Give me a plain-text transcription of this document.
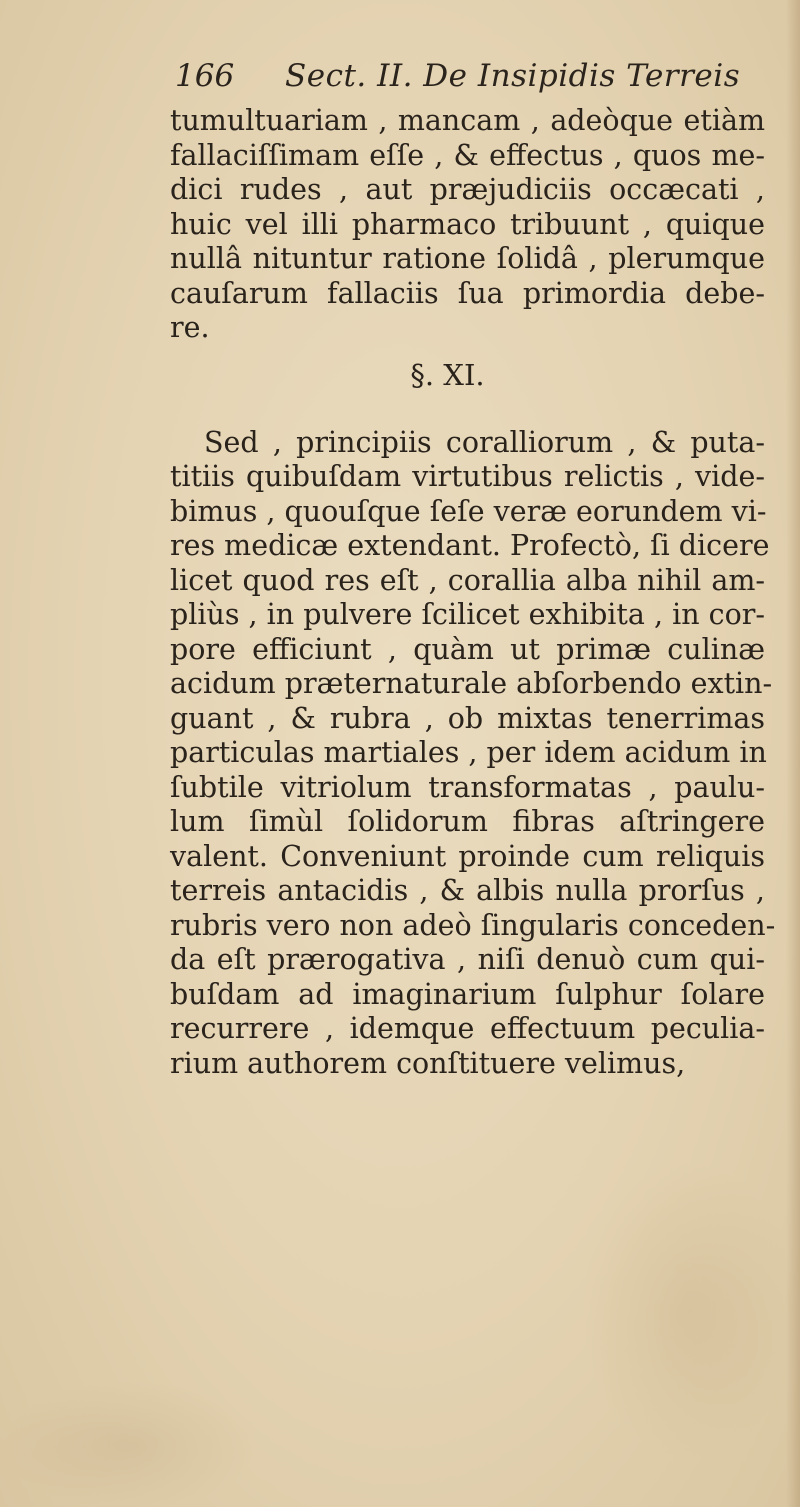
166 Sect. II. De Insipidis Terreis
tumultuariam , mancam , adeòque etiàm
fallaciſſimam eſſe , & effectus , quos me-
dici rudes , aut præjudiciis occæcati ,
huic vel illi pharmaco tribuunt , quique
nullâ nituntur ratione ſolidâ , plerumque
cauſarum fallaciis ſua primordia debe-
re.
§. XI.
Sed , principiis coralliorum , & puta-
titiis quibuſdam virtutibus relictis , vide-
bimus , quouſque ſeſe veræ eorundem vi-
res medicæ extendant. Profectò, ſi dicere
licet quod res eſt , corallia alba nihil am-
pliùs , in pulvere ſcilicet exhibita , in cor-
pore efficiunt , quàm ut primæ culinæ
acidum præternaturale abſorbendo extin-
guant , & rubra , ob mixtas tenerrimas
particulas martiales , per idem acidum in
ſubtile vitriolum transformatas , paulu-
lum ſimùl ſolidorum fibras aſtringere
valent. Conveniunt proinde cum reliquis
terreis antacidis , & albis nulla prorſus ,
rubris vero non adeò ſingularis conceden-
da eſt prærogativa , niſi denuò cum qui-
buſdam ad imaginarium ſulphur ſolare
recurrere , idemque effectuum peculia-
rium authorem conſtituere velimus,
